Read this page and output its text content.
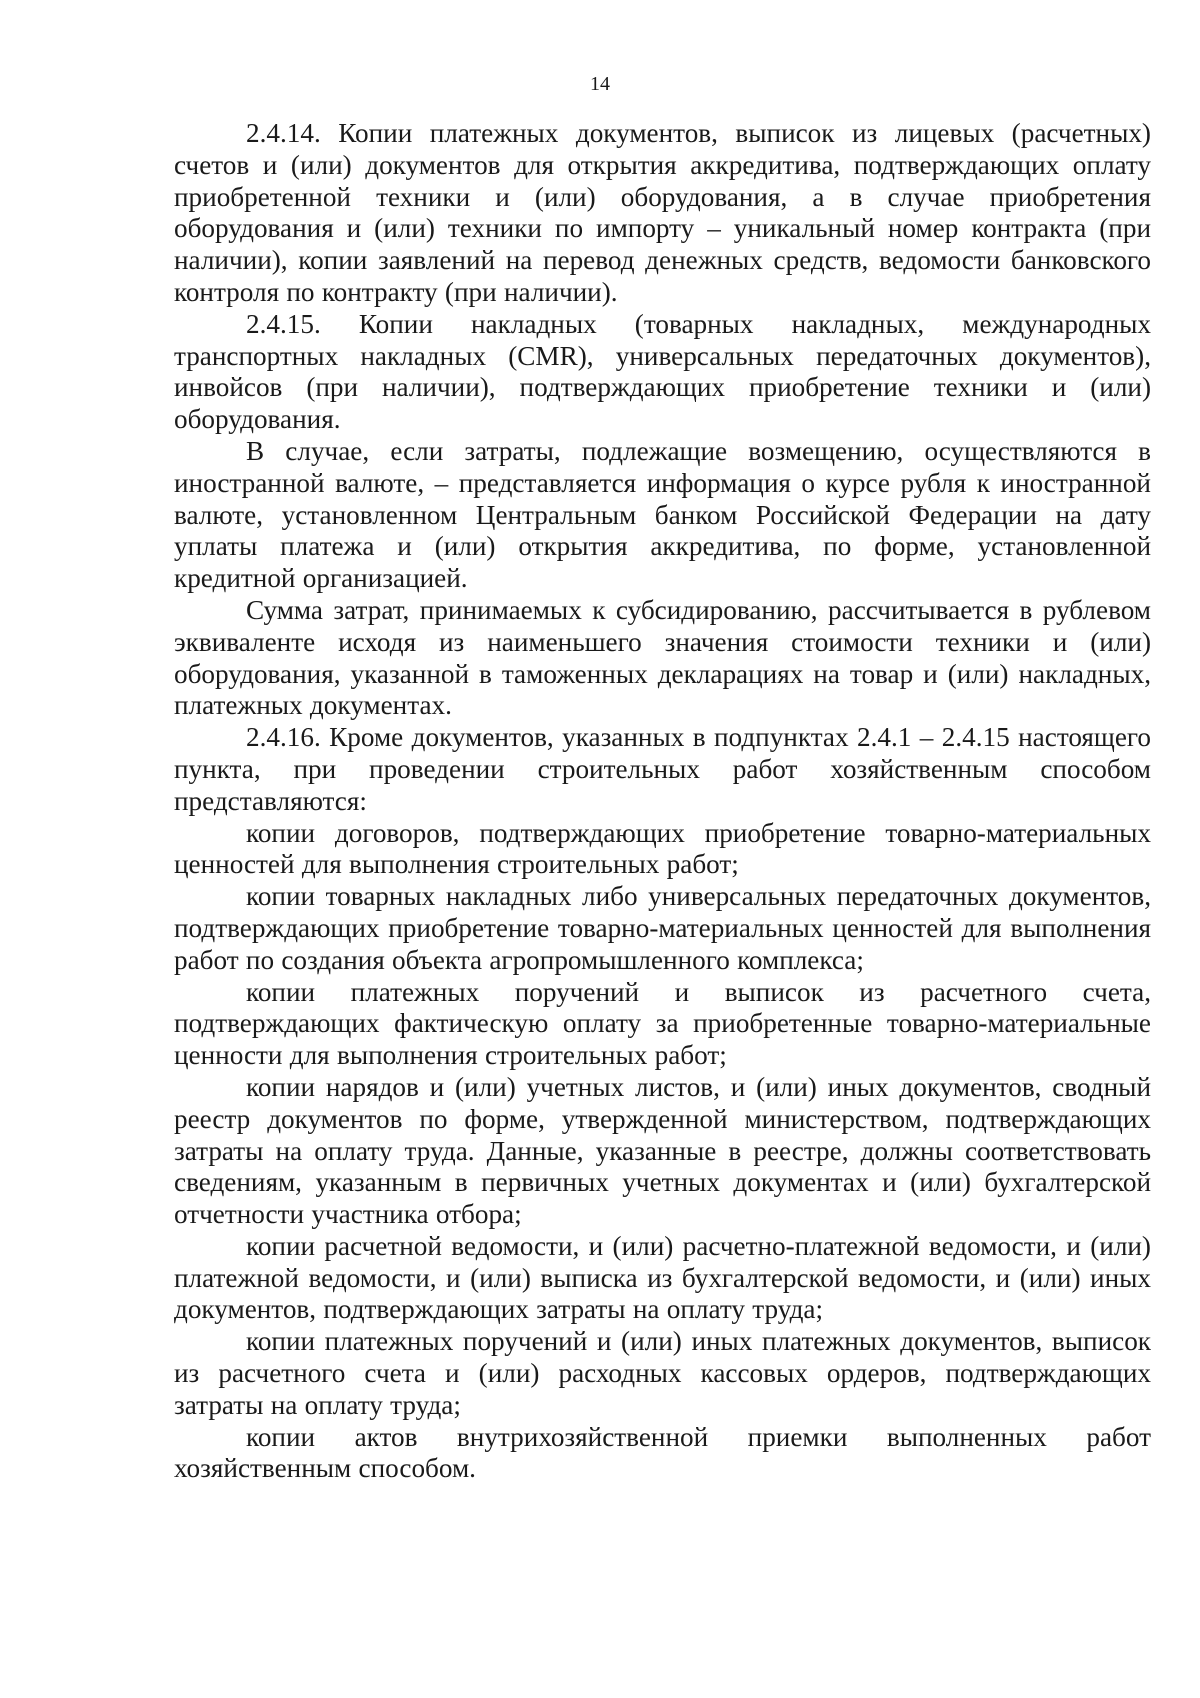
14

2.4.14. Копии платежных документов, выписок из лицевых (расчетных) счетов и (или) документов для открытия аккредитива, подтверждающих оплату приобретенной техники и (или) оборудования, а в случае приобретения оборудования и (или) техники по импорту – уникальный номер контракта (при наличии), копии заявлений на перевод денежных средств, ведомости банковского контроля по контракту (при наличии).

2.4.15. Копии накладных (товарных накладных, международных транспортных накладных (CMR), универсальных передаточных документов), инвойсов (при наличии), подтверждающих приобретение техники и (или) оборудования.

В случае, если затраты, подлежащие возмещению, осуществляются в иностранной валюте, – представляется информация о курсе рубля к иностранной валюте, установленном Центральным банком Российской Федерации на дату уплаты платежа и (или) открытия аккредитива, по форме, установленной кредитной организацией.

Сумма затрат, принимаемых к субсидированию, рассчитывается в рублевом эквиваленте исходя из наименьшего значения стоимости техники и (или) оборудования, указанной в таможенных декларациях на товар и (или) накладных, платежных документах.

2.4.16. Кроме документов, указанных в подпунктах 2.4.1 – 2.4.15 настоящего пункта, при проведении строительных работ хозяйственным способом представляются:

копии договоров, подтверждающих приобретение товарно-материальных ценностей для выполнения строительных работ;

копии товарных накладных либо универсальных передаточных документов, подтверждающих приобретение товарно-материальных ценностей для выполнения работ по создания объекта агропромышленного комплекса;

копии платежных поручений и выписок из расчетного счета, подтверждающих фактическую оплату за приобретенные товарно-материальные ценности для выполнения строительных работ;

копии нарядов и (или) учетных листов, и (или) иных документов, сводный реестр документов по форме, утвержденной министерством, подтверждающих затраты на оплату труда. Данные, указанные в реестре, должны соответствовать сведениям, указанным в первичных учетных документах и (или) бухгалтерской отчетности участника отбора;

копии расчетной ведомости, и (или) расчетно-платежной ведомости, и (или) платежной ведомости, и (или) выписка из бухгалтерской ведомости, и (или) иных документов, подтверждающих затраты на оплату труда;

копии платежных поручений и (или) иных платежных документов, выписок из расчетного счета и (или) расходных кассовых ордеров, подтверждающих затраты на оплату труда;

копии актов внутрихозяйственной приемки выполненных работ хозяйственным способом.
